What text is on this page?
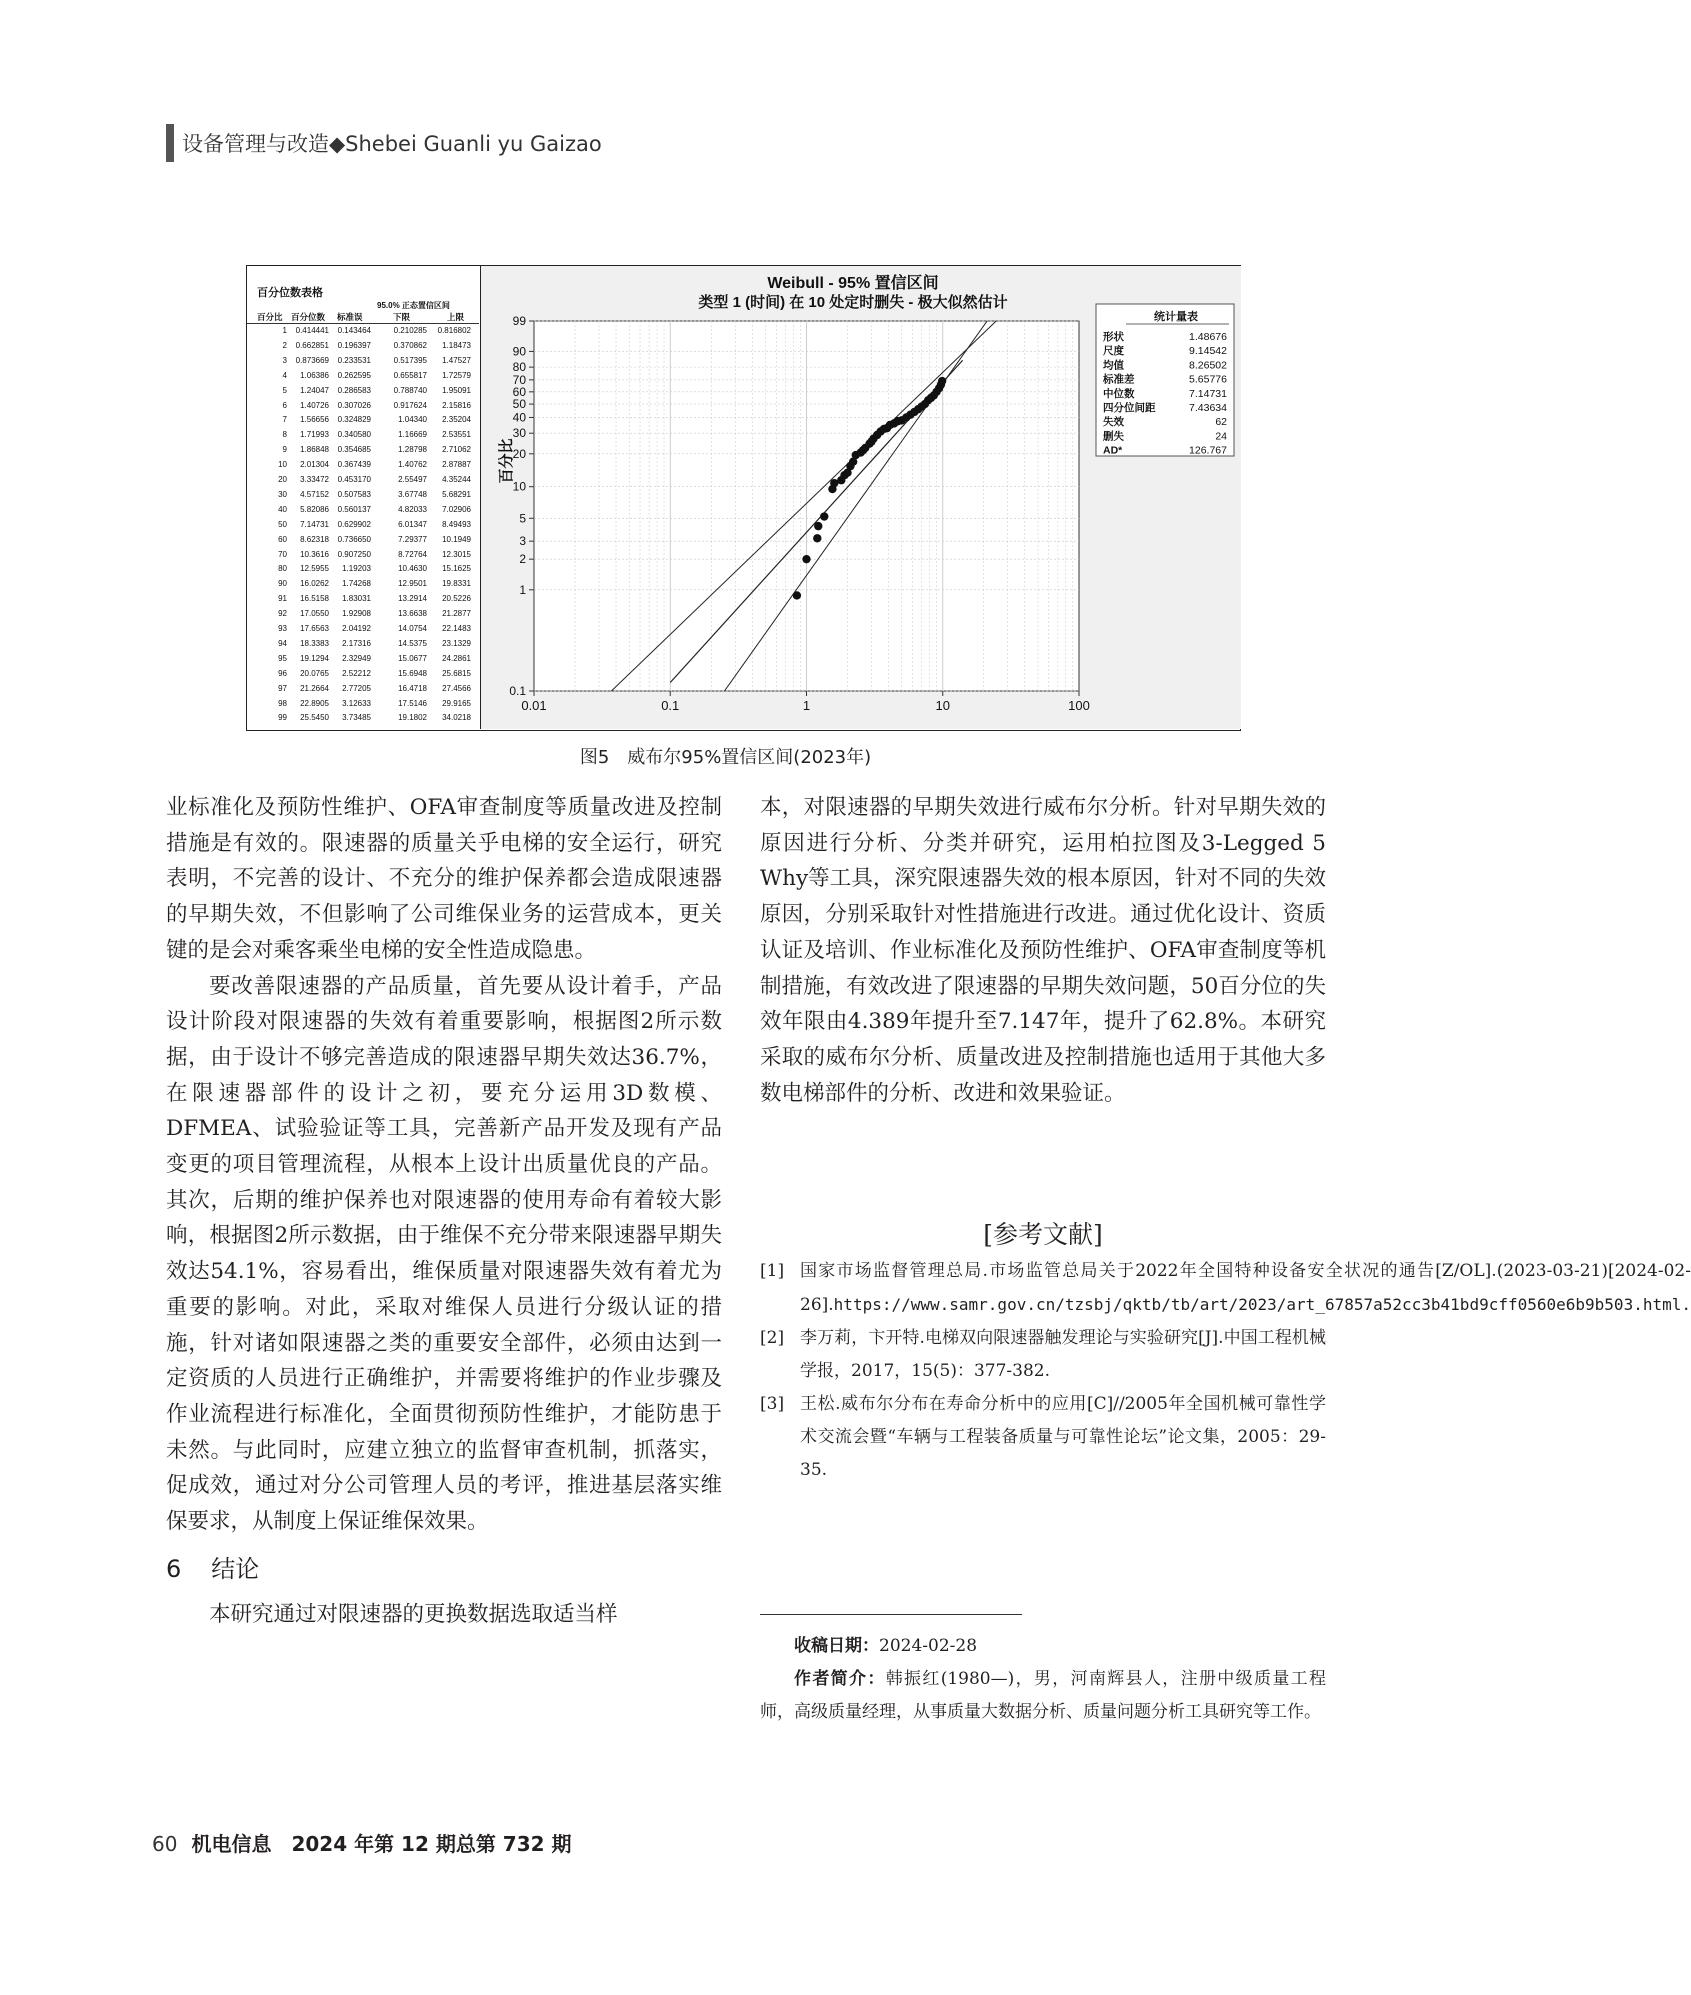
设备管理与改造◆Shebei Guanli yu Gaizao
百分位数表格
95.0% 正态置信区间
百分比 百分位数 标准误	下限	上限
1 0.414441 0.143464	0.210285 0.816802
2 0.662851 0.196397	0.370862 1.18473
3 0.873669 0.233531	0.517395 1.47527
4 1.06386 0.262595	0.655817 1.72579
5 1.24047 0.286583	0.788740 1.95091
6 1.40726 0.307026	0.917624 2.15816
7 1.56656 0.324829	1.04340 2.35204
8 1.71993 0.340580	1.16669 2.53551
9 1.86848 0.354685	1.28798 2.71062
10 2.01304 0.367439	1.40762 2.87887
20 3.33472 0.453170	2.55497 4.35244
30 4.57152 0.507583	3.67748 5.68291
40 5.82086 0.560137	4.82033 7.02906
50 7.14731 0.629902	6.01347 8.49493
60 8.62318 0.736650	7.29377 10.1949
70 10.3616 0.907250	8.72764 12.3015
80 12.5955 1.19203	10.4630 15.1625
90 16.0262 1.74268	12.9501 19.8331
91 16.5158 1.83031	13.2914 20.5226
92 17.0550 1.92908	13.6638 21.2877
93 17.6563 2.04192	14.0754 22.1483
94 18.3383 2.17316	14.5375 23.1329
95 19.1294 2.32949	15.0677 24.2861
96 20.0765 2.52212	15.6948 25.6815
97 21.2664 2.77205	16.4718 27.4566
98 22.8905 3.12633	17.5146 29.9165
99 25.5450 3.73485	19.1802 34.0218
Weibull - 95% 置信区间
类型 1 (时间) 在 10 处定时删失 - 极大似然估计
百分比
0.01	0.1	1	10	100
0.1
1
2
3
5
10
20
30
40
50
60
70
80
90
99	统计量表
形状	1.48676
尺度	9.14542
均值	8.26502
标准差	5.65776
中位数	7.14731
四分位间距	7.43634
失效	62
删失	24
AD*	126.767
图5　威布尔95%置信区间(2023年)

业标准化及预防性维护、OFA审查制度等质量改进及控制措施是有效的。限速器的质量关乎电梯的安全运行，研究表明，不完善的设计、不充分的维护保养都会造成限速器的早期失效，不但影响了公司维保业务的运营成本，更关键的是会对乘客乘坐电梯的安全性造成隐患。

要改善限速器的产品质量，首先要从设计着手，产品设计阶段对限速器的失效有着重要影响，根据图2所示数据，由于设计不够完善造成的限速器早期失效达36.7%，在限速器部件的设计之初，要充分运用3D数模、DFMEA、试验验证等工具，完善新产品开发及现有产品变更的项目管理流程，从根本上设计出质量优良的产品。其次，后期的维护保养也对限速器的使用寿命有着较大影响，根据图2所示数据，由于维保不充分带来限速器早期失效达54.1%，容易看出，维保质量对限速器失效有着尤为重要的影响。对此，采取对维保人员进行分级认证的措施，针对诸如限速器之类的重要安全部件，必须由达到一定资质的人员进行正确维护，并需要将维护的作业步骤及作业流程进行标准化，全面贯彻预防性维护，才能防患于未然。与此同时，应建立独立的监督审查机制，抓落实，促成效，通过对分公司管理人员的考评，推进基层落实维保要求，从制度上保证维保效果。

6 结论

本研究通过对限速器的更换数据选取适当样

本，对限速器的早期失效进行威布尔分析。针对早期失效的原因进行分析、分类并研究，运用柏拉图及3-Legged 5 Why等工具，深究限速器失效的根本原因，针对不同的失效原因，分别采取针对性措施进行改进。通过优化设计、资质认证及培训、作业标准化及预防性维护、OFA审查制度等机制措施，有效改进了限速器的早期失效问题，50百分位的失效年限由4.389年提升至7.147年，提升了62.8%。本研究采取的威布尔分析、质量改进及控制措施也适用于其他大多数电梯部件的分析、改进和效果验证。

[参考文献]
[1] 国家市场监督管理总局.市场监管总局关于2022年全国特种设备安全状况的通告[Z/OL].(2023-03-21)[2024-02-26].https://www.samr.gov.cn/tzsbj/qktb/tb/art/2023/art_67857a52cc3b41bd9cff0560e6b9b503.html.
[2] 李万莉，卞开特.电梯双向限速器触发理论与实验研究[J].中国工程机械学报，2017，15(5)：377-382.
[3] 王松.威布尔分布在寿命分析中的应用[C]//2005年全国机械可靠性学术交流会暨“车辆与工程装备质量与可靠性论坛”论文集，2005：29-35.
收稿日期：2024-02-28
作者简介：韩振红(1980—)，男，河南辉县人，注册中级质量工程师，高级质量经理，从事质量大数据分析、质量问题分析工具研究等工作。
60 机电信息　2024 年第 12 期总第 732 期
